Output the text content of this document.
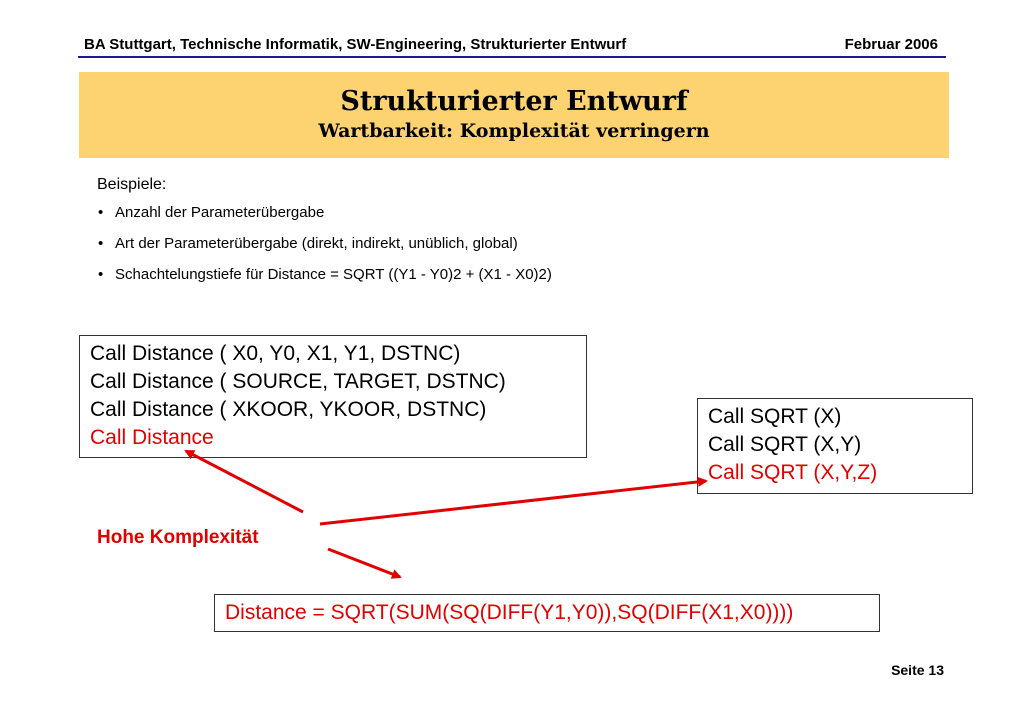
BA Stuttgart, Technische Informatik, SW-Engineering, Strukturierter Entwurf	Februar 2006
Strukturierter Entwurf
Wartbarkeit: Komplexität verringern
Beispiele:
• Anzahl der Parameterübergabe
• Art der Parameterübergabe (direkt, indirekt, unüblich, global)
• Schachtelungstiefe für Distance = SQRT ((Y1 - Y0)2 + (X1 - X0)2)
Call Distance ( X0, Y0, X1, Y1, DSTNC)
Call Distance ( SOURCE, TARGET, DSTNC)
Call Distance ( XKOOR, YKOOR, DSTNC)
Call Distance
Call SQRT (X)
Call SQRT (X,Y)
Call SQRT (X,Y,Z)
Hohe Komplexität
Distance = SQRT(SUM(SQ(DIFF(Y1,Y0)),SQ(DIFF(X1,X0))))
Seite 13
